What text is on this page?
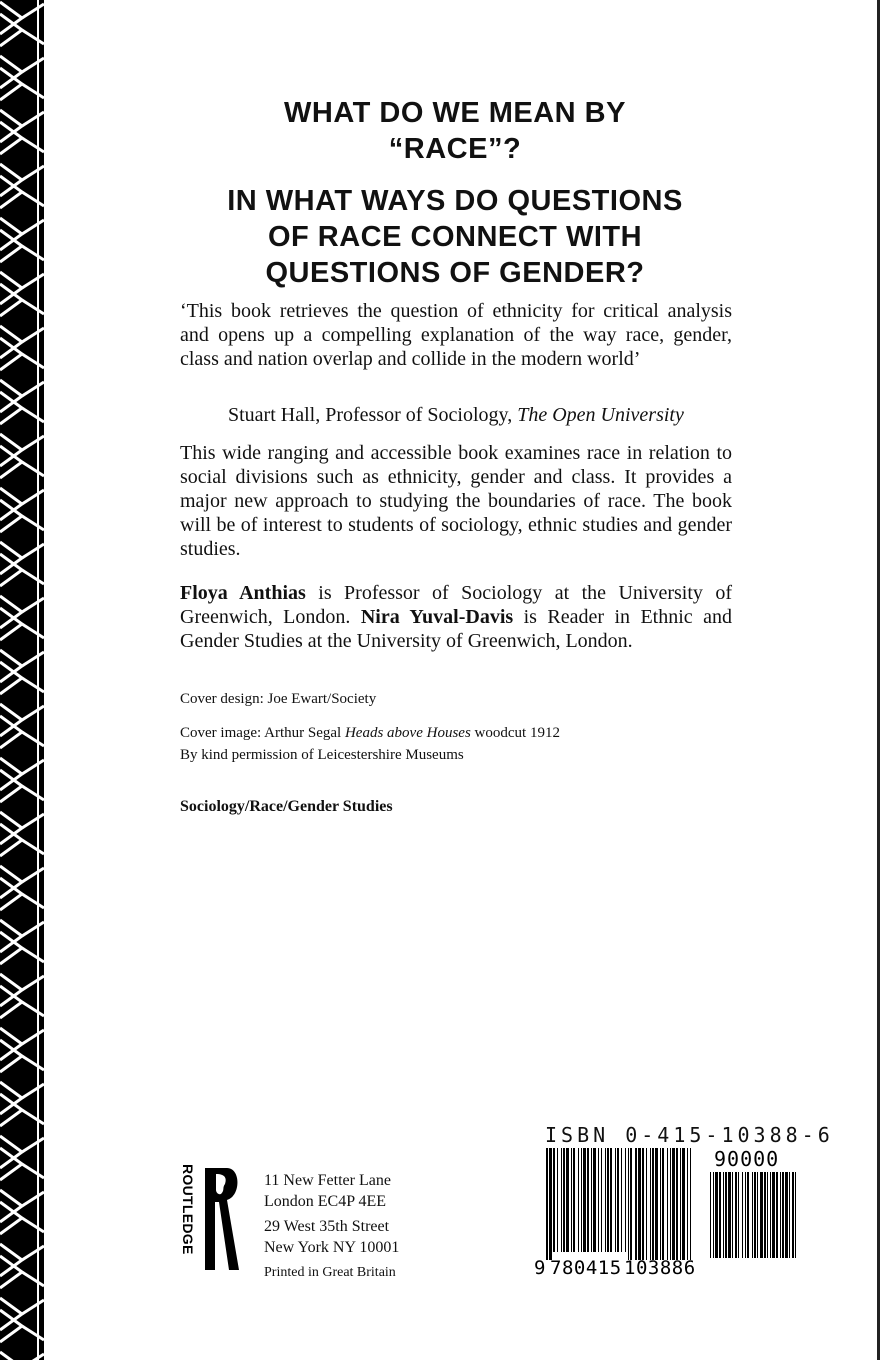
WHAT DO WE MEAN BY
“RACE”?
IN WHAT WAYS DO QUESTIONS
OF RACE CONNECT WITH
QUESTIONS OF GENDER?

‘This book retrieves the question of ethnicity for critical analysis and opens up a compelling explanation of the way race, gender, class and nation overlap and collide in the modern world’

Stuart Hall, Professor of Sociology, The Open University

This wide ranging and accessible book examines race in relation to social divisions such as ethnicity, gender and class. It provides a major new approach to studying the boundaries of race. The book will be of interest to students of sociology, ethnic studies and gender studies.

Floya Anthias is Professor of Sociology at the University of Greenwich, London. Nira Yuval-Davis is Reader in Ethnic and Gender Studies at the University of Greenwich, London.

Cover design: Joe Ewart/Society

Cover image: Arthur Segal Heads above Houses woodcut 1912
By kind permission of Leicestershire Museums

Sociology/Race/Gender Studies

ROUTLEDGE	11 New Fetter Lane
London EC4P 4EE
29 West 35th Street
New York NY 10001
Printed in Great Britain
ISBN 0-415-10388-6
90000
9 780415 103886
